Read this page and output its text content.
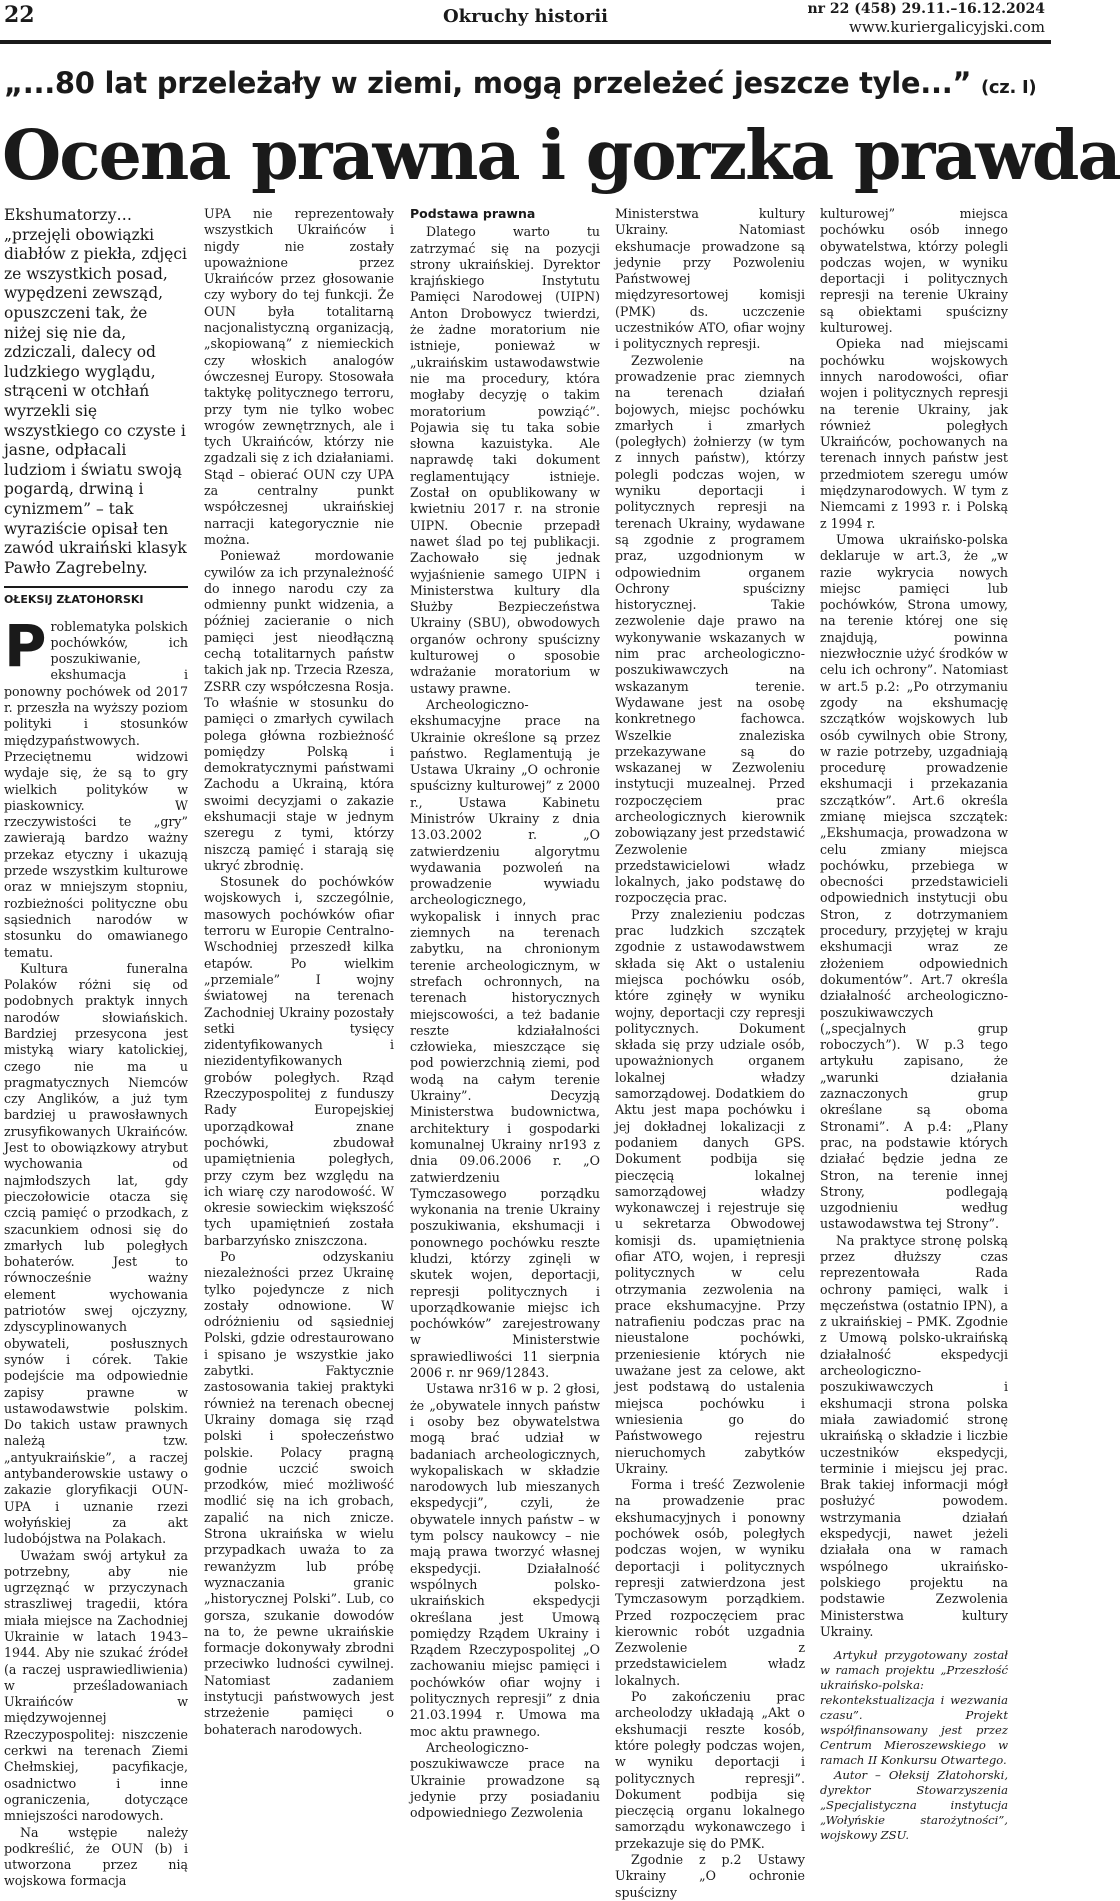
22	Okruchy historii	nr 22 (458) 29.11.–16.12.2024
www.kuriergalicyjski.com
„...80 lat przeleżały w ziemi, mogą przeleżeć jeszcze tyle...” (cz. I)
Ocena prawna i gorzka prawda

Ekshumatorzy… „przejęli obowiązki diabłów z piekła, zdjęci ze wszystkich posad, wypędzeni zewsząd, opuszczeni tak, że niżej się nie da, zdziczali, dalecy od ludzkiego wyglądu, strąceni w otchłań wyrzekli się wszystkiego co czyste i jasne, odpłacali ludziom i światu swoją pogardą, drwiną i cynizmem” – tak wyraziście opisał ten zawód ukraiński klasyk Pawło Zagrebelny.

OŁEKSIJ ZŁATOHORSKI
P roblematyka polskich pochówków, ich poszukiwanie, ekshumacja i ponowny pochówek od 2017 r. przeszła na wyższy poziom polityki i stosunków międzypaństwowych. Przeciętnemu widzowi wydaje się, że są to gry wielkich polityków w piaskownicy. W rzeczywistości te „gry” zawierają bardzo ważny przekaz etyczny i ukazują przede wszystkim kulturowe oraz w mniejszym stopniu, rozbieżności polityczne obu sąsiednich narodów w stosunku do omawianego tematu.

Kultura funeralna Polaków różni się od podobnych praktyk innych narodów słowiańskich. Bardziej przesycona jest mistyką wiary katolickiej, czego nie ma u pragmatycznych Niemców czy Anglików, a już tym bardziej u prawosławnych zrusyfikowanych Ukraińców. Jest to obowiązkowy atrybut wychowania od najmłodszych lat, gdy pieczołowicie otacza się czcią pamięć o przodkach, z szacunkiem odnosi się do zmarłych lub poległych bohaterów. Jest to równocześnie ważny element wychowania patriotów swej ojczyzny, zdyscyplinowanych obywateli, posłusznych synów i córek. Takie podejście ma odpowiednie zapisy prawne w ustawodawstwie polskim. Do takich ustaw prawnych należą tzw. „antyukraińskie”, a raczej antybanderowskie ustawy o zakazie gloryfikacji OUN-UPA i uznanie rzezi wołyńskiej za akt ludobójstwa na Polakach.

Uważam swój artykuł za potrzebny, aby nie ugrzęznąć w przyczynach straszliwej tragedii, która miała miejsce na Zachodniej Ukrainie w latach 1943–1944. Aby nie szukać źródeł (a raczej usprawiedliwienia) w prześladowaniach Ukraińców w międzywojennej Rzeczypospolitej: niszczenie cerkwi na terenach Ziemi Chełmskiej, pacyfikacje, osadnictwo i inne ograniczenia, dotyczące mniejszości narodowych.

Na wstępie należy podkreślić, że OUN (b) i utworzona przez nią wojskowa formacja

UPA nie reprezentowały wszystkich Ukraińców i nigdy nie zostały upoważnione przez Ukraińców przez głosowanie czy wybory do tej funkcji. Że OUN była totalitarną nacjonalistyczną organizacją, „skopiowaną” z niemieckich czy włoskich analogów ówczesnej Europy. Stosowała taktykę politycznego terroru, przy tym nie tylko wobec wrogów zewnętrznych, ale i tych Ukraińców, którzy nie zgadzali się z ich działaniami. Stąd – obierać OUN czy UPA za centralny punkt współczesnej ukraińskiej narracji kategorycznie nie można.

Ponieważ mordowanie cywilów za ich przynależność do innego narodu czy za odmienny punkt widzenia, a później zacieranie o nich pamięci jest nieodłączną cechą totalitarnych państw takich jak np. Trzecia Rzesza, ZSRR czy współczesna Rosja. To właśnie w stosunku do pamięci o zmarłych cywilach polega główna rozbieżność pomiędzy Polską i demokratycznymi państwami Zachodu a Ukrainą, która swoimi decyzjami o zakazie ekshumacji staje w jednym szeregu z tymi, którzy niszczą pamięć i starają się ukryć zbrodnię.

Stosunek do pochówków wojskowych i, szczególnie, masowych pochówków ofiar terroru w Europie Centralno-Wschodniej przeszedł kilka etapów. Po wielkim „przemiale” I wojny światowej na terenach Zachodniej Ukrainy pozostały setki tysięcy zidentyfikowanych i niezidentyfikowanych grobów poległych. Rząd Rzeczypospolitej z funduszy Rady Europejskiej uporządkował znane pochówki, zbudował upamiętnienia poległych, przy czym bez względu na ich wiarę czy narodowość. W okresie sowieckim większość tych upamiętnień została barbarzyńsko zniszczona.

Po odzyskaniu niezależności przez Ukrainę tylko pojedyncze z nich zostały odnowione. W odróżnieniu od sąsiedniej Polski, gdzie odrestaurowano i spisano je wszystkie jako zabytki. Faktycznie zastosowania takiej praktyki również na terenach obecnej Ukrainy domaga się rząd polski i społeczeństwo polskie. Polacy pragną godnie uczcić swoich przodków, mieć możliwość modlić się na ich grobach, zapalić na nich znicze. Strona ukraińska w wielu przypadkach uważa to za rewanżyzm lub próbę wyznaczania granic „historycznej Polski”. Lub, co gorsza, szukanie dowodów na to, że pewne ukraińskie formacje dokonywały zbrodni przeciwko ludności cywilnej. Natomiast zadaniem instytucji państwowych jest strzeżenie pamięci o bohaterach narodowych.

Podstawa prawna

Dlatego warto tu zatrzymać się na pozycji strony ukraińskiej. Dyrektor krajńskiego Instytutu Pamięci Narodowej (UIPN) Anton Drobowycz twierdzi, że żadne moratorium nie istnieje, ponieważ w „ukraińskim ustawodawstwie nie ma procedury, która mogłaby decyzję o takim moratorium powziąć”. Pojawia się tu taka sobie słowna kazuistyka. Ale naprawdę taki dokument reglamentujący istnieje. Został on opublikowany w kwietniu 2017 r. na stronie UIPN. Obecnie przepadł nawet ślad po tej publikacji. Zachowało się jednak wyjaśnienie samego UIPN i Ministerstwa kultury dla Służby Bezpieczeństwa Ukrainy (SBU), obwodowych organów ochrony spuścizny kulturowej o sposobie wdrażanie moratorium w ustawy prawne.

Archeologiczno-ekshumacyjne prace na Ukrainie określone są przez państwo. Reglamentują je Ustawa Ukrainy „O ochronie spuścizny kulturowej” z 2000 r., Ustawa Kabinetu Ministrów Ukrainy z dnia 13.03.2002 r. „O zatwierdzeniu algorytmu wydawania pozwoleń na prowadzenie wywiadu archeologicznego, wykopalisk i innych prac ziemnych na terenach zabytku, na chronionym terenie archeologicznym, w strefach ochronnych, na terenach historycznych miejscowości, a też badanie reszte kdziałalności człowieka, mieszczące się pod powierzchnią ziemi, pod wodą na całym terenie Ukrainy”. Decyzją Ministerstwa budownictwa, architektury i gospodarki komunalnej Ukrainy nr193 z dnia 09.06.2006 r. „O zatwierdzeniu Tymczasowego porządku wykonania na trenie Ukrainy poszukiwania, ekshumacji i ponownego pochówku reszte kludzi, którzy zginęli w skutek wojen, deportacji, represji politycznych i uporządkowanie miejsc ich pochówków” zarejestrowany w Ministerstwie sprawiedliwości 11 sierpnia 2006 r. nr 969/12843.

Ustawa nr316 w p. 2 głosi, że „obywatele innych państw i osoby bez obywatelstwa mogą brać udział w badaniach archeologicznych, wykopaliskach w składzie narodowych lub mieszanych ekspedycji”, czyli, że obywatele innych państw – w tym polscy naukowcy – nie mają prawa tworzyć własnej ekspedycji. Działalność wspólnych polsko-ukraińskich ekspedycji określana jest Umową pomiędzy Rządem Ukrainy i Rządem Rzeczypospolitej „O zachowaniu miejsc pamięci i pochówków ofiar wojny i politycznych represji” z dnia 21.03.1994 r. Umowa ma moc aktu prawnego.

Archeologiczno-poszukiwawcze prace na Ukrainie prowadzone są jedynie przy posiadaniu odpowiedniego Zezwolenia

Ministerstwa kultury Ukrainy. Natomiast ekshumacje prowadzone są jedynie przy Pozwoleniu Państwowej międzyresortowej komisji (PMK) ds. uczczenie uczestników ATO, ofiar wojny i politycznych represji.

Zezwolenie na prowadzenie prac ziemnych na terenach działań bojowych, miejsc pochówku zmarłych i zmarłych (poległych) żołnierzy (w tym z innych państw), którzy polegli podczas wojen, w wyniku deportacji i politycznych represji na terenach Ukrainy, wydawane są zgodnie z programem praz, uzgodnionym w odpowiednim organem Ochrony spuścizny historycznej. Takie zezwolenie daje prawo na wykonywanie wskazanych w nim prac archeologiczno-poszukiwawczych na wskazanym terenie. Wydawane jest na osobę konkretnego fachowca. Wszelkie znaleziska przekazywane są do wskazanej w Zezwoleniu instytucji muzealnej. Przed rozpoczęciem prac archeologicznych kierownik zobowiązany jest przedstawić Zezwolenie przedstawicielowi władz lokalnych, jako podstawę do rozpoczęcia prac.

Przy znalezieniu podczas prac ludzkich szczątek zgodnie z ustawodawstwem składa się Akt o ustaleniu miejsca pochówku osób, które zginęły w wyniku wojny, deportacji czy represji politycznych. Dokument składa się przy udziale osób, upoważnionych organem lokalnej władzy samorządowej. Dodatkiem do Aktu jest mapa pochówku i jej dokładnej lokalizacji z podaniem danych GPS. Dokument podbija się pieczęcią lokalnej samorządowej władzy wykonawczej i rejestruje się u sekretarza Obwodowej komisji ds. upamiętnienia ofiar ATO, wojen, i represji politycznych w celu otrzymania zezwolenia na prace ekshumacyjne. Przy natrafieniu podczas prac na nieustalone pochówki, przeniesienie których nie uważane jest za celowe, akt jest podstawą do ustalenia miejsca pochówku i wniesienia go do Państwowego rejestru nieruchomych zabytków Ukrainy.

Forma i treść Zezwolenie na prowadzenie prac ekshumacyjnych i ponowny pochówek osób, poległych podczas wojen, w wyniku deportacji i politycznych represji zatwierdzona jest Tymczasowym porządkiem. Przed rozpoczęciem prac kierownic robót uzgadnia Zezwolenie z przedstawicielem władz lokalnych.

Po zakończeniu prac archeolodzy układają „Akt o ekshumacji reszte kosób, które poległy podczas wojen, w wyniku deportacji i politycznych represji”. Dokument podbija się pieczęcią organu lokalnego samorządu wykonawczego i przekazuje się do PMK.

Zgodnie z p.2 Ustawy Ukrainy „O ochronie spuścizny

kulturowej” miejsca pochówku osób innego obywatelstwa, którzy polegli podczas wojen, w wyniku deportacji i politycznych represji na terenie Ukrainy są obiektami spuścizny kulturowej.

Opieka nad miejscami pochówku wojskowych innych narodowości, ofiar wojen i politycznych represji na terenie Ukrainy, jak również poległych Ukraińców, pochowanych na terenach innych państw jest przedmiotem szeregu umów międzynarodowych. W tym z Niemcami z 1993 r. i Polską z 1994 r.

Umowa ukraińsko-polska deklaruje w art.3, że „w razie wykrycia nowych miejsc pamięci lub pochówków, Strona umowy, na terenie której one się znajdują, powinna niezwłocznie użyć środków w celu ich ochrony”. Natomiast w art.5 p.2: „Po otrzymaniu zgody na ekshumację szczątków wojskowych lub osób cywilnych obie Strony, w razie potrzeby, uzgadniają procedurę prowadzenie ekshumacji i przekazania szczątków”. Art.6 określa zmianę miejsca szczątek: „Ekshumacja, prowadzona w celu zmiany miejsca pochówku, przebiega w obecności przedstawicieli odpowiednich instytucji obu Stron, z dotrzymaniem procedury, przyjętej w kraju ekshumacji wraz ze złożeniem odpowiednich dokumentów”. Art.7 określa działalność archeologiczno-poszukiwawczych („specjalnych grup roboczych”). W p.3 tego artykułu zapisano, że „warunki działania zaznaczonych grup określane są oboma Stronami”. A p.4: „Plany prac, na podstawie których działać będzie jedna ze Stron, na terenie innej Strony, podlegają uzgodnieniu według ustawodawstwa tej Strony”.

Na praktyce stronę polską przez dłuższy czas reprezentowała Rada ochrony pamięci, walk i męczeństwa (ostatnio IPN), a z ukraińskiej – PMK. Zgodnie z Umową polsko-ukraińską działalność ekspedycji archeologiczno-poszukiwawczych i ekshumacji strona polska miała zawiadomić stronę ukraińską o składzie i liczbie uczestników ekspedycji, terminie i miejscu jej prac. Brak takiej informacji mógł posłużyć powodem. wstrzymania działań ekspedycji, nawet jeżeli działała ona w ramach wspólnego ukraińsko-polskiego projektu na podstawie Zezwolenia Ministerstwa kultury Ukrainy.

Artykuł przygotowany został w ramach projektu „Przeszłość ukraińsko-polska: rekontekstualizacja i wezwania czasu”. Projekt współfinansowany jest przez Centrum Mieroszewskiego w ramach II Konkursu Otwartego.

Autor – Ołeksij Złatohorski, dyrektor Stowarzyszenia „Specjalistyczna instytucja „Wołyńskie starożytności”, wojskowy ZSU.
